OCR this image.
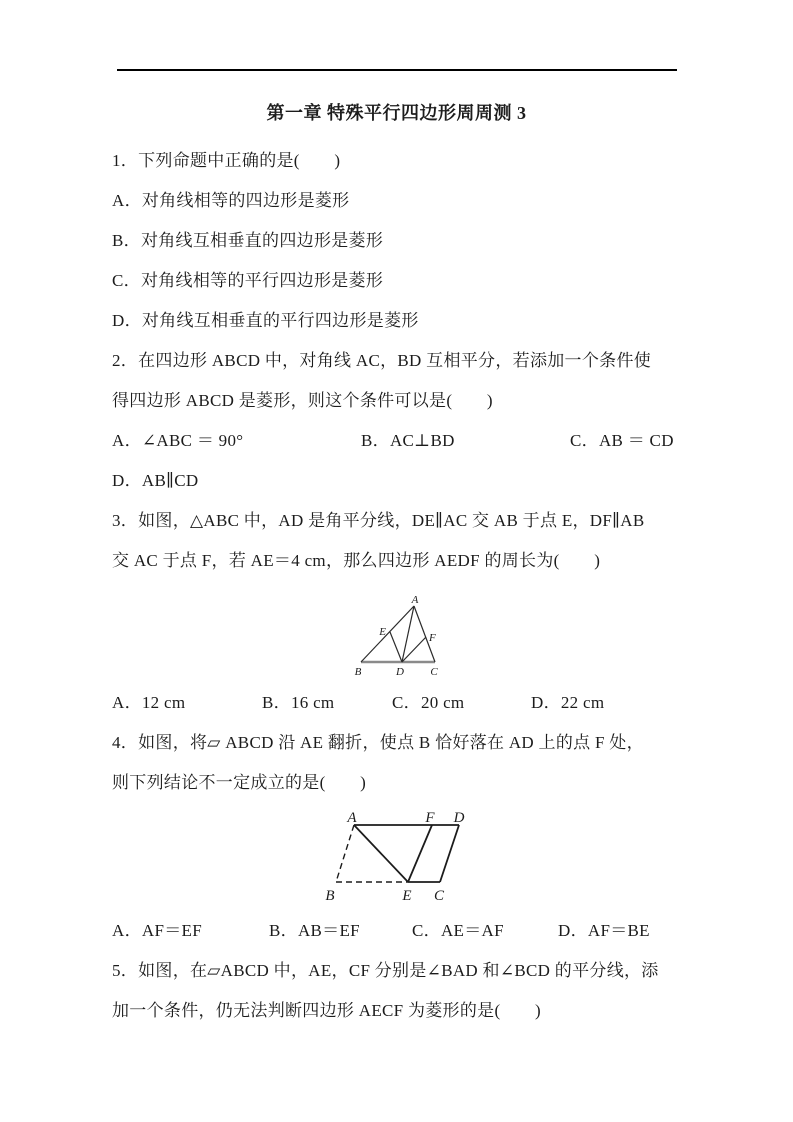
第一章 特殊平行四边形周周测 3
1．下列命题中正确的是(　　)
A．对角线相等的四边形是菱形
B．对角线互相垂直的四边形是菱形
C．对角线相等的平行四边形是菱形
D．对角线互相垂直的平行四边形是菱形
2．在四边形 ABCD 中，对角线 AC，BD 互相平分，若添加一个条件使
得四边形 ABCD 是菱形，则这个条件可以是(　　)
A．∠ABC ＝ 90°	B．AC⊥BD	C．AB ＝ CD
D．AB∥CD
3．如图，△ABC 中，AD 是角平分线，DE∥AC 交 AB 于点 E，DF∥AB
交 AC 于点 F，若 AE＝4 cm，那么四边形 AEDF 的周长为(　　)
A
B	C
D
E	F
A．12 cm	B．16 cm	C．20 cm	D．22 cm
4．如图，将▱ ABCD 沿 AE 翻折，使点 B 恰好落在 AD 上的点 F 处，
则下列结论不一定成立的是(　　)
A	F D
B	E C
A．AF＝EF	B．AB＝EF	C．AE＝AF	D．AF＝BE
5．如图，在▱ABCD 中，AE，CF 分别是∠BAD 和∠BCD 的平分线，添
加一个条件，仍无法判断四边形 AECF 为菱形的是(　　)
